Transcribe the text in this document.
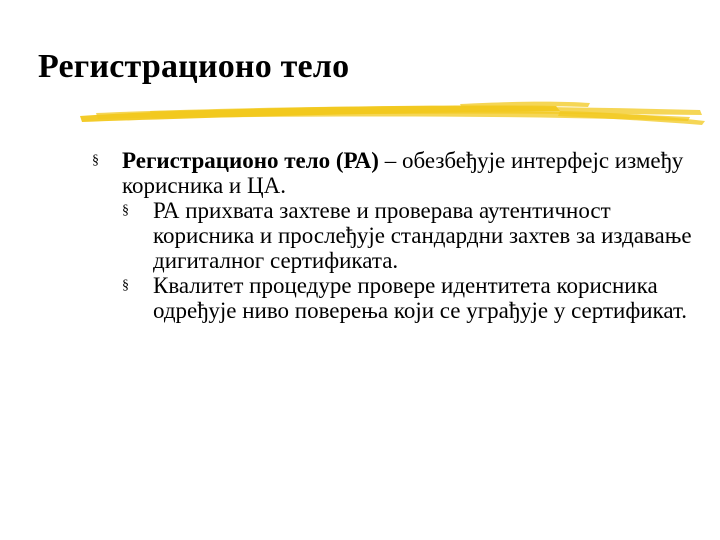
Регистрационо тело
§ Регистрационо тело (РА) – обезбеђује интерфејс између корисника и ЦА.
§ РА прихвата захтеве и проверава аутентичност корисника и прослеђује стандардни захтев за издавање дигиталног сертификата.
§ Квалитет процедуре провере идентитета корисника одређује ниво поверења који се уграђује у сертификат.
